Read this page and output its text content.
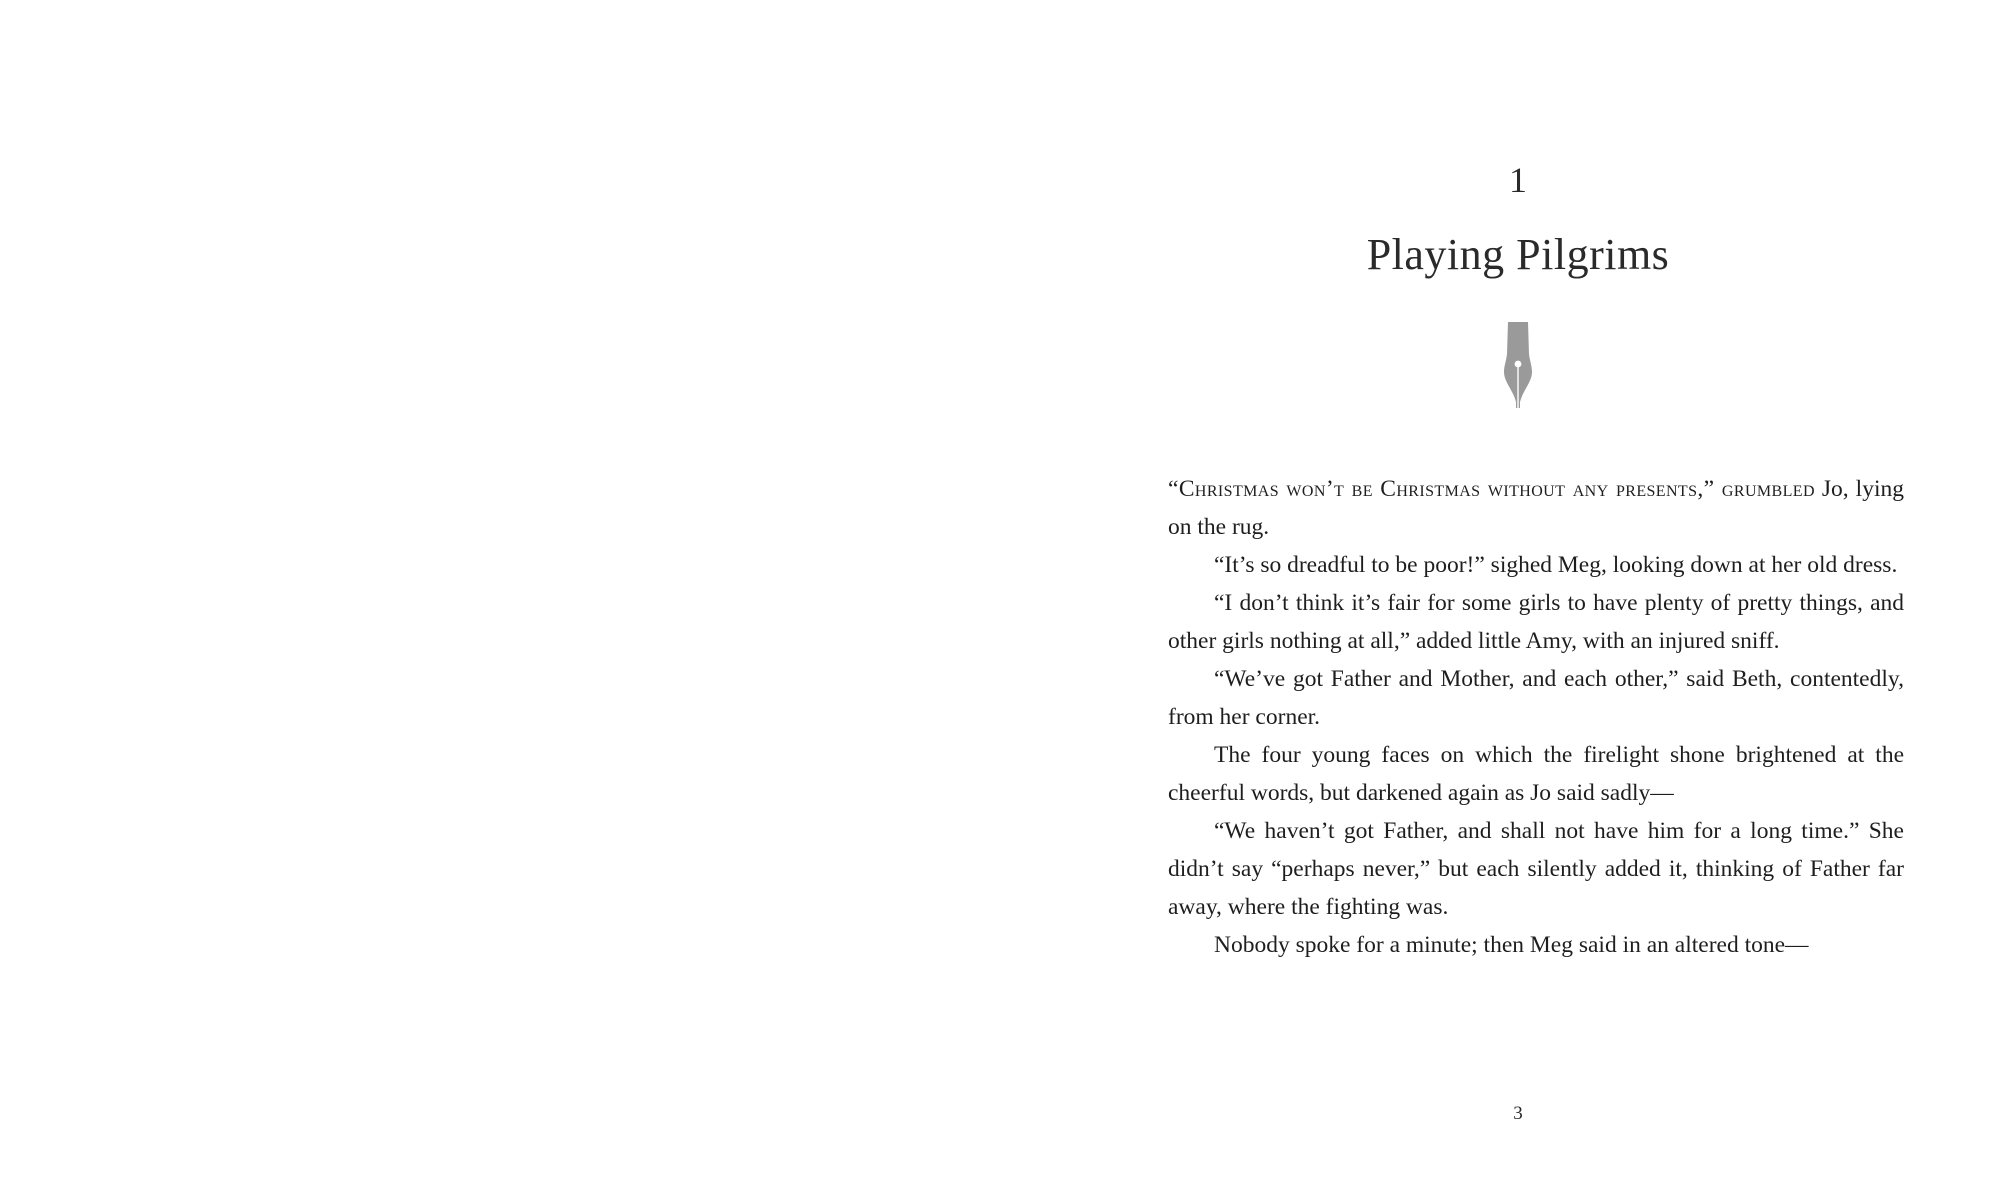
1
Playing Pilgrims

“Christmas won’t be Christmas without any presents,” grumbled Jo, lying on the rug.

“It’s so dreadful to be poor!” sighed Meg, looking down at her old dress.

“I don’t think it’s fair for some girls to have plenty of pretty things, and other girls nothing at all,” added little Amy, with an injured sniff.

“We’ve got Father and Mother, and each other,” said Beth, contentedly, from her corner.

The four young faces on which the firelight shone brightened at the cheerful words, but darkened again as Jo said sadly—

“We haven’t got Father, and shall not have him for a long time.” She didn’t say “perhaps never,” but each silently added it, thinking of Father far away, where the fighting was.

Nobody spoke for a minute; then Meg said in an altered tone—

3
